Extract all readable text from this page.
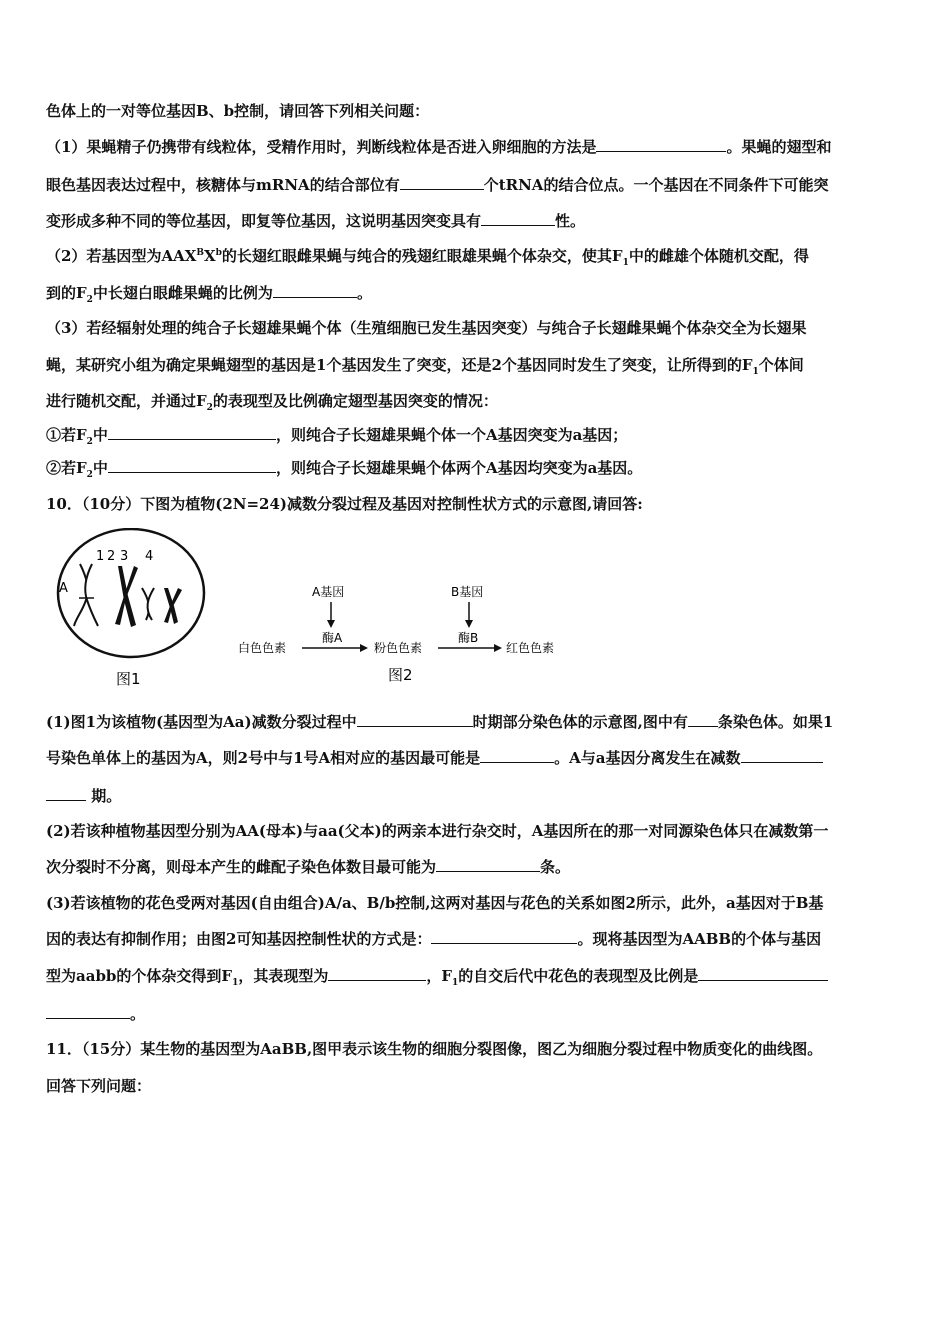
色体上的一对等位基因B、b控制，请回答下列相关问题：
（1）果蝇精子仍携带有线粒体，受精作用时，判断线粒体是否进入卵细胞的方法是	。果蝇的翅型和
眼色基因表达过程中，核糖体与mRNA的结合部位有	个tRNA的结合位点。一个基因在不同条件下可能突
变形成多种不同的等位基因，即复等位基因，这说明基因突变具有	性。
（2）若基因型为$AAX^BX^b$的长翅红眼雌果蝇与纯合的残翅红眼雄果蝇个体杂交，使其$F_1$中的雌雄个体随机交配，得
到的$F_2$中长翅白眼雌果蝇的比例为	。
（3）若经辐射处理的纯合子长翅雄果蝇个体（生殖细胞已发生基因突变）与纯合子长翅雌果蝇个体杂交全为长翅果
蝇，某研究小组为确定果蝇翅型的基因是1个基因发生了突变，还是2个基因同时发生了突变，让所得到的$F_1$个体间
进行随机交配，并通过$F_2$的表现型及比例确定翅型基因突变的情况：
①若$F_2$中	，则纯合子长翅雄果蝇个体一个A基因突变为a基因；
②若$F_2$中	，则纯合子长翅雄果蝇个体两个A基因均突变为a基因。
10．（10分）下图为植物(2N=24)减数分裂过程及基因对控制性状方式的示意图,请回答:
1 2 3 4
A
图1
A基因	B基因
酶A	酶B
白色色素	粉色色素	红色色素
图2
(1)图1为该植物(基因型为Aa)减数分裂过程中	时期部分染色体的示意图,图中有 条染色体。如果1
号染色单体上的基因为A，则2号中与1号A相对应的基因最可能是	。A与a基因分离发生在减数
期。
(2)若该种植物基因型分别为AA(母本)与aa(父本)的两亲本进行杂交时，A基因所在的那一对同源染色体只在减数第一
次分裂时不分离，则母本产生的雌配子染色体数目最可能为	条。
(3)若该植物的花色受两对基因(自由组合)A/a、B/b控制,这两对基因与花色的关系如图2所示，此外，a基因对于B基
因的表达有抑制作用；由图2可知基因控制性状的方式是：	。现将基因型为AABB的个体与基因
型为aabb的个体杂交得到$F_1$，其表现型为	，$F_1$的自交后代中花色的表现型及比例是
。
11．（15分）某生物的基因型为AaBB,图甲表示该生物的细胞分裂图像，图乙为细胞分裂过程中物质变化的曲线图。
回答下列问题：
